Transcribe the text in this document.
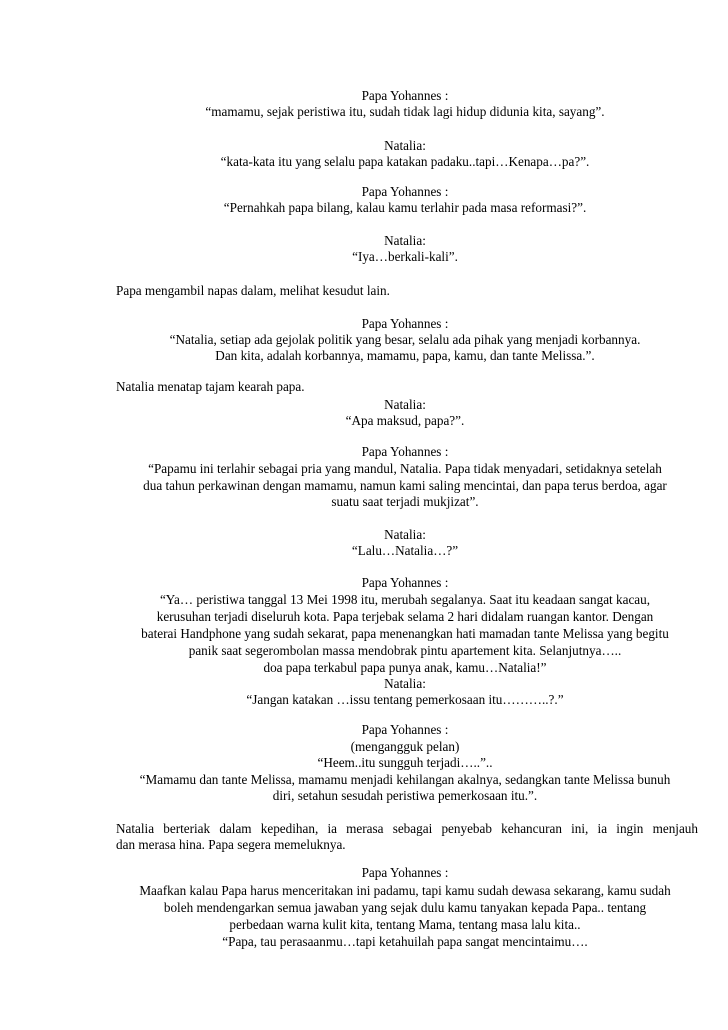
Papa Yohannes :
“mamamu, sejak peristiwa itu, sudah tidak lagi hidup didunia kita, sayang”.
Natalia:
“kata-kata itu yang selalu papa katakan padaku..tapi…Kenapa…pa?”.
Papa Yohannes :
“Pernahkah papa bilang, kalau kamu terlahir pada masa reformasi?”.
Natalia:
“Iya…berkali-kali”.
Papa mengambil napas dalam, melihat kesudut lain.
Papa Yohannes :
“Natalia, setiap ada gejolak politik yang besar, selalu ada pihak yang menjadi korbannya.
Dan kita, adalah korbannya, mamamu, papa, kamu, dan tante Melissa.”.
Natalia menatap tajam kearah papa.
Natalia:
“Apa maksud, papa?”.
Papa Yohannes :
“Papamu ini terlahir sebagai pria yang mandul, Natalia. Papa tidak menyadari, setidaknya setelah
dua tahun perkawinan dengan mamamu, namun kami saling mencintai, dan papa terus berdoa, agar
suatu saat terjadi mukjizat”.
Natalia:
“Lalu…Natalia…?”
Papa Yohannes :
“Ya… peristiwa tanggal 13 Mei 1998 itu, merubah segalanya. Saat itu keadaan sangat kacau,
kerusuhan terjadi diseluruh kota. Papa terjebak selama 2 hari didalam ruangan kantor. Dengan
baterai Handphone yang sudah sekarat, papa menenangkan hati mamadan tante Melissa yang begitu
panik saat segerombolan massa mendobrak pintu apartement kita. Selanjutnya…..
doa papa terkabul papa punya anak, kamu…Natalia!”
Natalia:
“Jangan katakan …issu tentang pemerkosaan itu………..?.”
Papa Yohannes :
(mengangguk pelan)
“Heem..itu sungguh terjadi…..”..
“Mamamu dan tante Melissa, mamamu menjadi kehilangan akalnya, sedangkan tante Melissa bunuh
diri, setahun sesudah peristiwa pemerkosaan itu.”.
Natalia berteriak dalam kepedihan, ia merasa sebagai penyebab kehancuran ini, ia ingin menjauh
dan merasa hina. Papa segera memeluknya.
Papa Yohannes :
Maafkan kalau Papa harus menceritakan ini padamu, tapi kamu sudah dewasa sekarang, kamu sudah
boleh mendengarkan semua jawaban yang sejak dulu kamu tanyakan kepada Papa.. tentang
perbedaan warna kulit kita, tentang Mama, tentang masa lalu kita..
“Papa, tau perasaanmu…tapi ketahuilah papa sangat mencintaimu….
